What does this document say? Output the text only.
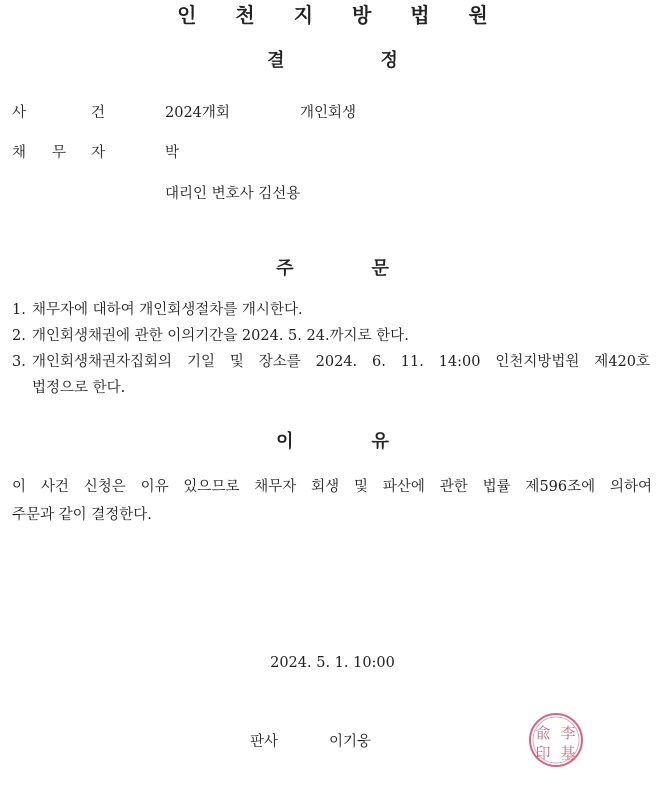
인 천 지 방 법 원
결	정
사	건	2024개회	개인회생
채 무 자	박
대리인 변호사 김선용
주	문
1. 채무자에 대하여 개인회생절차를 개시한다.
2. 개인회생채권에 관한 이의기간을 2024. 5. 24.까지로 한다.
3. 개인회생채권자집회의 기일 및 장소를 2024. 6. 11. 14:00 인천지방법원 제420호
법정으로 한다.
이	유
이 사건 신청은 이유 있으므로 채무자 회생 및 파산에 관한 법률 제596조에 의하여
주문과 같이 결정한다.
2024. 5. 1. 10:00
판사	이기웅	兪 李
印 基
